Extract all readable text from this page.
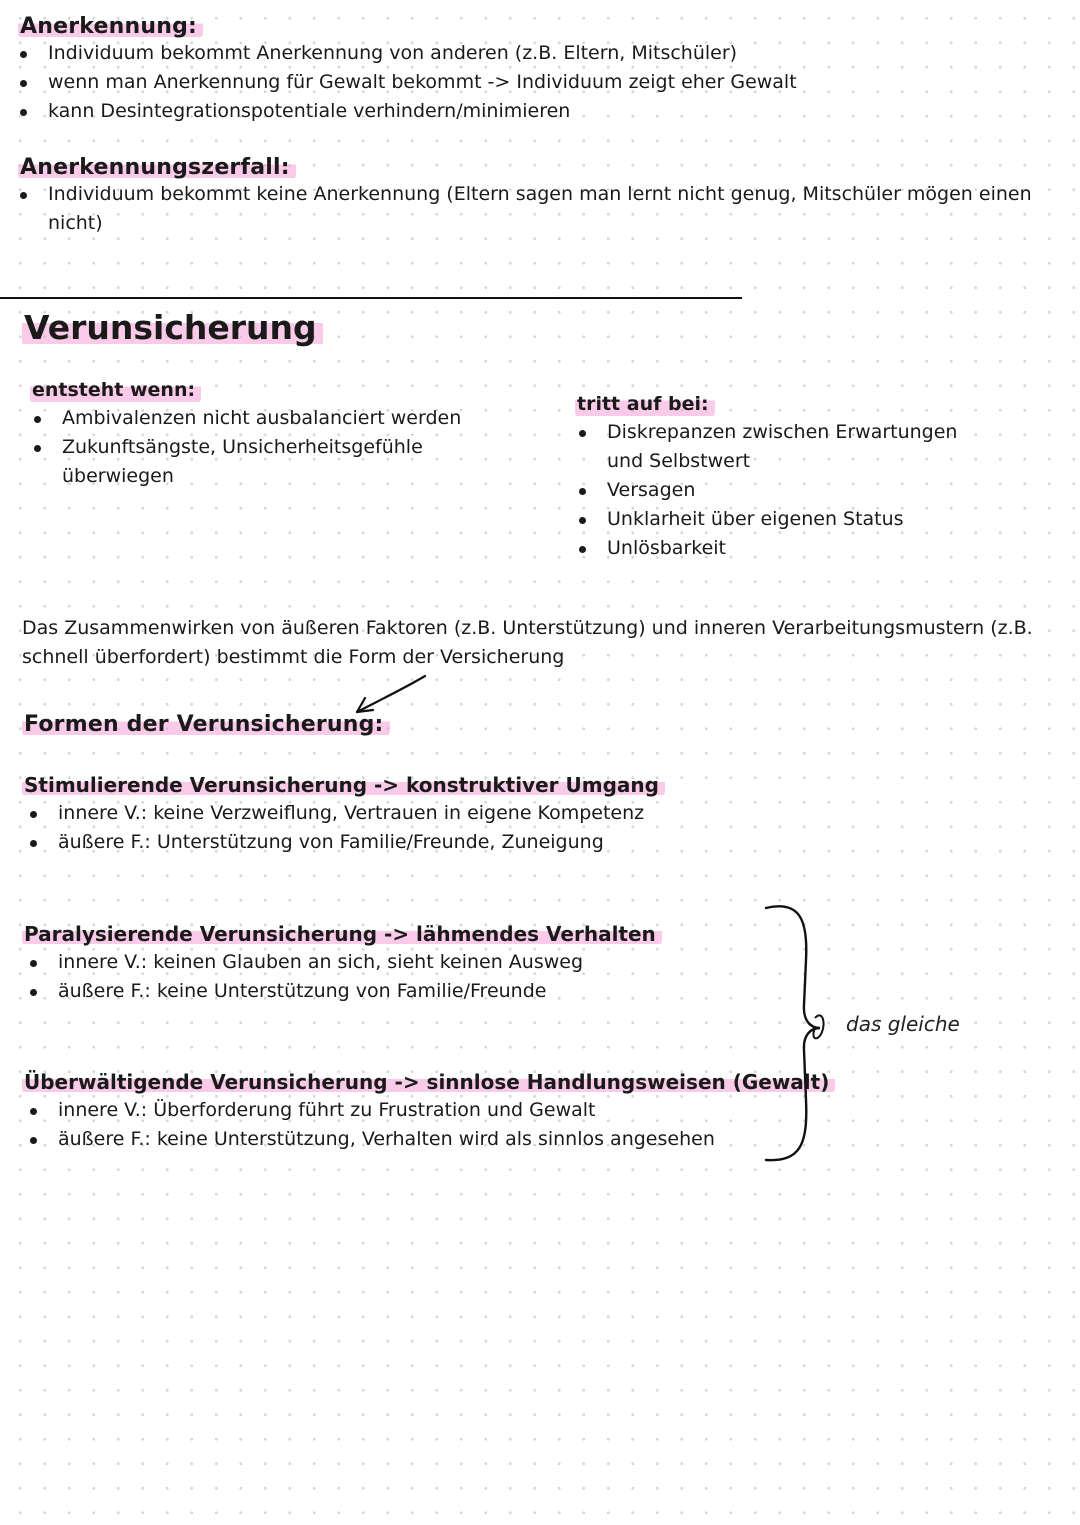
Anerkennung:
Individuum bekommt Anerkennung von anderen (z.B. Eltern, Mitschüler)
wenn man Anerkennung für Gewalt bekommt -> Individuum zeigt eher Gewalt
kann Desintegrationspotentiale verhindern/minimieren
Anerkennungszerfall:
Individuum bekommt keine Anerkennung (Eltern sagen man lernt nicht genug, Mitschüler mögen einen nicht)
Verunsicherung
entsteht wenn:
Ambivalenzen nicht ausbalanciert werden
Zukunftsängste, Unsicherheitsgefühle überwiegen
tritt auf bei:
Diskrepanzen zwischen Erwartungen und Selbstwert
Versagen
Unklarheit über eigenen Status
Unlösbarkeit
Das Zusammenwirken von äußeren Faktoren (z.B. Unterstützung) und inneren Verarbeitungsmustern (z.B. schnell überfordert) bestimmt die Form der Versicherung
Formen der Verunsicherung:
Stimulierende Verunsicherung -> konstruktiver Umgang
innere V.: keine Verzweiflung, Vertrauen in eigene Kompetenz
äußere F.: Unterstützung von Familie/Freunde, Zuneigung
Paralysierende Verunsicherung -> lähmendes Verhalten
innere V.: keinen Glauben an sich, sieht keinen Ausweg
äußere F.: keine Unterstützung von Familie/Freunde
Überwältigende Verunsicherung -> sinnlose Handlungsweisen (Gewalt)
innere V.: Überforderung führt zu Frustration und Gewalt
äußere F.: keine Unterstützung, Verhalten wird als sinnlos angesehen
das gleiche
